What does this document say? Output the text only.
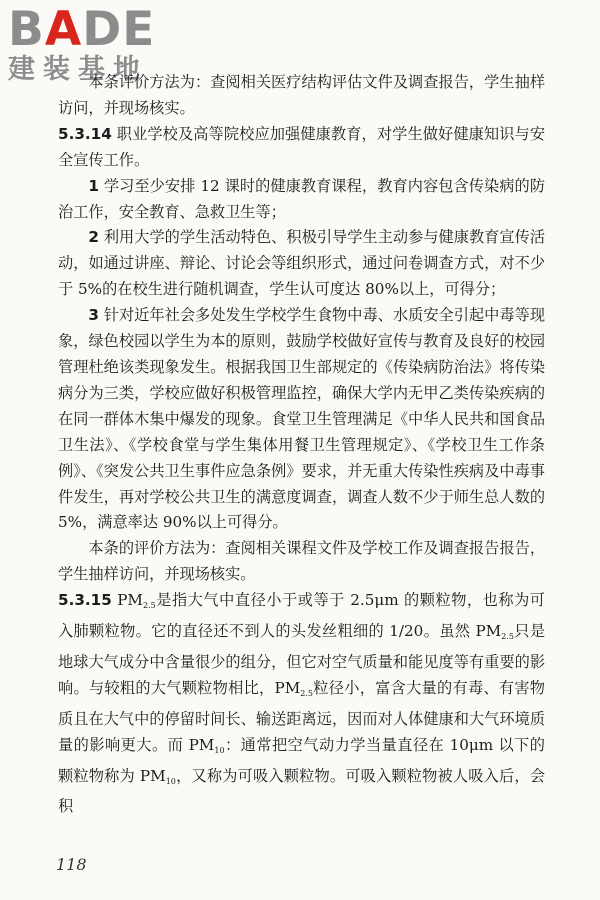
BADE
建装基地

本条评价方法为：查阅相关医疗结构评估文件及调查报告，学生抽样访问，并现场核实。

5.3.14 职业学校及高等院校应加强健康教育，对学生做好健康知识与安全宣传工作。

1 学习至少安排 12 课时的健康教育课程，教育内容包含传染病的防治工作，安全教育、急救卫生等；

2 利用大学的学生活动特色、积极引导学生主动参与健康教育宣传活动，如通过讲座、辩论、讨论会等组织形式，通过问卷调查方式，对不少于 5%的在校生进行随机调查，学生认可度达 80%以上，可得分；

3 针对近年社会多处发生学校学生食物中毒、水质安全引起中毒等现象，绿色校园以学生为本的原则，鼓励学校做好宣传与教育及良好的校园管理杜绝该类现象发生。根据我国卫生部规定的《传染病防治法》将传染病分为三类，学校应做好积极管理监控，确保大学内无甲乙类传染疾病的在同一群体木集中爆发的现象。食堂卫生管理满足《中华人民共和国食品卫生法》、《学校食堂与学生集体用餐卫生管理规定》、《学校卫生工作条例》、《突发公共卫生事件应急条例》要求，并无重大传染性疾病及中毒事件发生，再对学校公共卫生的满意度调查，调查人数不少于师生总人数的 5%，满意率达 90%以上可得分。

本条的评价方法为：查阅相关课程文件及学校工作及调查报告报告，学生抽样访问，并现场核实。

5.3.15 $PM_{2.5}$是指大气中直径小于或等于 2.5μm 的颗粒物，也称为可入肺颗粒物。它的直径还不到人的头发丝粗细的 1/20。虽然 $PM_{2.5}$只是地球大气成分中含量很少的组分，但它对空气质量和能见度等有重要的影响。与较粗的大气颗粒物相比，$PM_{2.5}$粒径小，富含大量的有毒、有害物质且在大气中的停留时间长、输送距离远，因而对人体健康和大气环境质量的影响更大。而 $PM_{10}$：通常把空气动力学当量直径在 10μm 以下的颗粒物称为 $PM_{10}$，又称为可吸入颗粒物。可吸入颗粒物被人吸入后，会积

118
